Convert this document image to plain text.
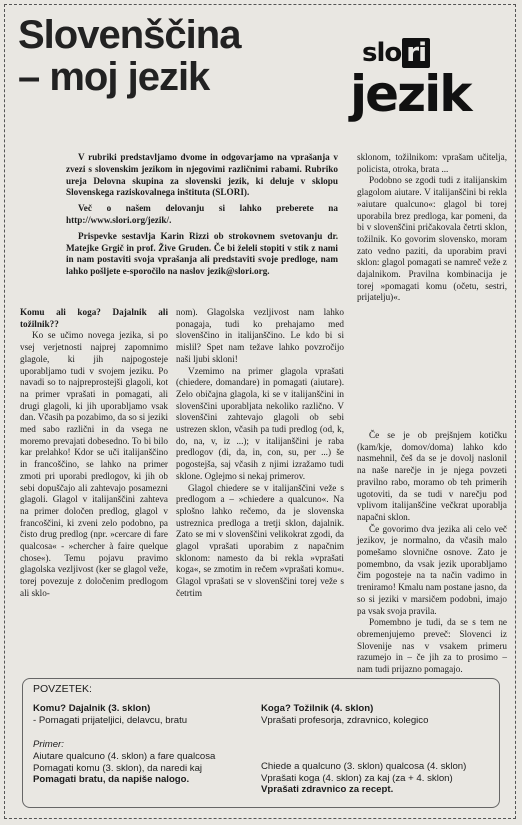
Slovenščina
– moj jezik
slo ri
jezik

V rubriki predstavljamo dvome in odgovarjamo na vprašanja v zvezi s slovenskim jezikom in njegovimi različnimi rabami. Rubriko ureja Delovna skupina za slovenski jezik, ki deluje v sklopu Slovenskega raziskovalnega inštituta (SLORI).

Več o našem delovanju si lahko preberete na http://www.slori.org/jezik/.

Prispevke sestavlja Karin Rizzi ob strokovnem svetovanju dr. Matejke Grgič in prof. Žive Gruden. Če bi želeli stopiti v stik z nami in nam postaviti svoja vprašanja ali predstaviti svoje predloge, nam lahko pošljete e-sporočilo na naslov jezik@slori.org.

sklonom, tožilnikom: vprašam učitelja, policista, otroka, brata ...

Podobno se zgodi tudi z italijanskim glagolom aiutare. V italijanščini bi rekla »aiutare qualcuno«: glagol bi torej uporabila brez predloga, kar pomeni, da bi v slovenščini pričakovala četrti sklon, tožilnik. Ko govorim slovensko, moram zato vedno paziti, da uporabim pravi sklon: glagol pomagati se namreč veže z dajalnikom. Pravilna kombinacija je torej »pomagati komu (očetu, sestri, prijatelju)«.

Komu ali koga? Dajalnik ali tožilnik??

Ko se učimo novega jezika, si po vsej verjetnosti najprej zapomnimo glagole, ki jih najpogosteje uporabljamo tudi v svojem jeziku. Po navadi so to najpreprostejši glagoli, kot na primer vprašati in pomagati, ali drugi glagoli, ki jih uporabljamo vsak dan. Včasih pa pozabimo, da so si jeziki med sabo različni in da vsega ne moremo prevajati dobesedno. To bi bilo kar prelahko! Kdor se uči italijanščino in francoščino, se lahko na primer zmoti pri uporabi predlogov, ki jih ob sebi dopuščajo ali zahtevajo posamezni glagoli. Glagol v italijanščini zahteva na primer določen predlog, glagol v francoščini, ki zveni zelo podobno, pa čisto drug predlog (npr. »cercare di fare qualcosa« - »chercher à faire quelque chose«). Temu pojavu pravimo glagolska vezljivost (ker se glagol veže, torej povezuje z določenim predlogom ali sklo-

nom). Glagolska vezljivost nam lahko ponagaja, tudi ko prehajamo med slovenščino in italijanščino. Le kdo bi si mislil? Spet nam težave lahko povzročijo naši ljubi skloni!

Vzemimo na primer glagola vprašati (chiedere, domandare) in pomagati (aiutare). Zelo običajna glagola, ki se v italijanščini in slovenščini uporabljata nekoliko različno. V slovenščini zahtevajo glagoli ob sebi ustrezen sklon, včasih pa tudi predlog (od, k, do, na, v, iz ...); v italijanščini je raba predlogov (di, da, in, con, su, per ...) še pogostejša, saj včasih z njimi izražamo tudi sklone. Oglejmo si nekaj primerov.

Glagol chiedere se v italijanščini veže s predlogom a – »chiedere a qualcuno«. Na splošno lahko rečemo, da je slovenska ustreznica predloga a tretji sklon, dajalnik. Zato se mi v slovenščini velikokrat zgodi, da glagol vprašati uporabim z napačnim sklonom: namesto da bi rekla »vprašati koga«, se zmotim in rečem »vprašati komu«. Glagol vprašati se v slovenščini torej veže s četrtim

Če se je ob prejšnjem kotičku (kam/kje, domov/doma) lahko kdo nasmehnil, češ da se je dovolj naslonil na naše narečje in je njega povzeti pravilno rabo, moramo ob teh primerih ugotoviti, da se tudi v narečju pod vplivom italijanščine večkrat uporablja napačni sklon.

Če govorimo dva jezika ali celo več jezikov, je normalno, da včasih malo pomešamo slovnične osnove. Zato je pomembno, da vsak jezik uporabljamo čim pogosteje na ta način vadimo in treniramo! Kmalu nam postane jasno, da so si jeziki v marsičem podobni, imajo pa vsak svoja pravila.

Pomembno je tudi, da se s tem ne obremenjujemo preveč: Slovenci iz Slovenije nas v vsakem primeru razumejo in – če jih za to prosimo – nam tudi prijazno pomagajo.

POVZETEK:
Komu? Dajalnik (3. sklon)
- Pomagati prijateljici, delavcu, bratu
Koga? Tožilnik (4. sklon)
Vprašati profesorja, zdravnico, kolegico
Primer:
Aiutare qualcuno (4. sklon) a fare qualcosa
Pomagati komu (3. sklon), da naredi kaj
Pomagati bratu, da napiše nalogo.
Chiede a qualcuno (3. sklon) qualcosa (4. sklon)
Vprašati koga (4. sklon) za kaj (za + 4. sklon)
Vprašati zdravnico za recept.
